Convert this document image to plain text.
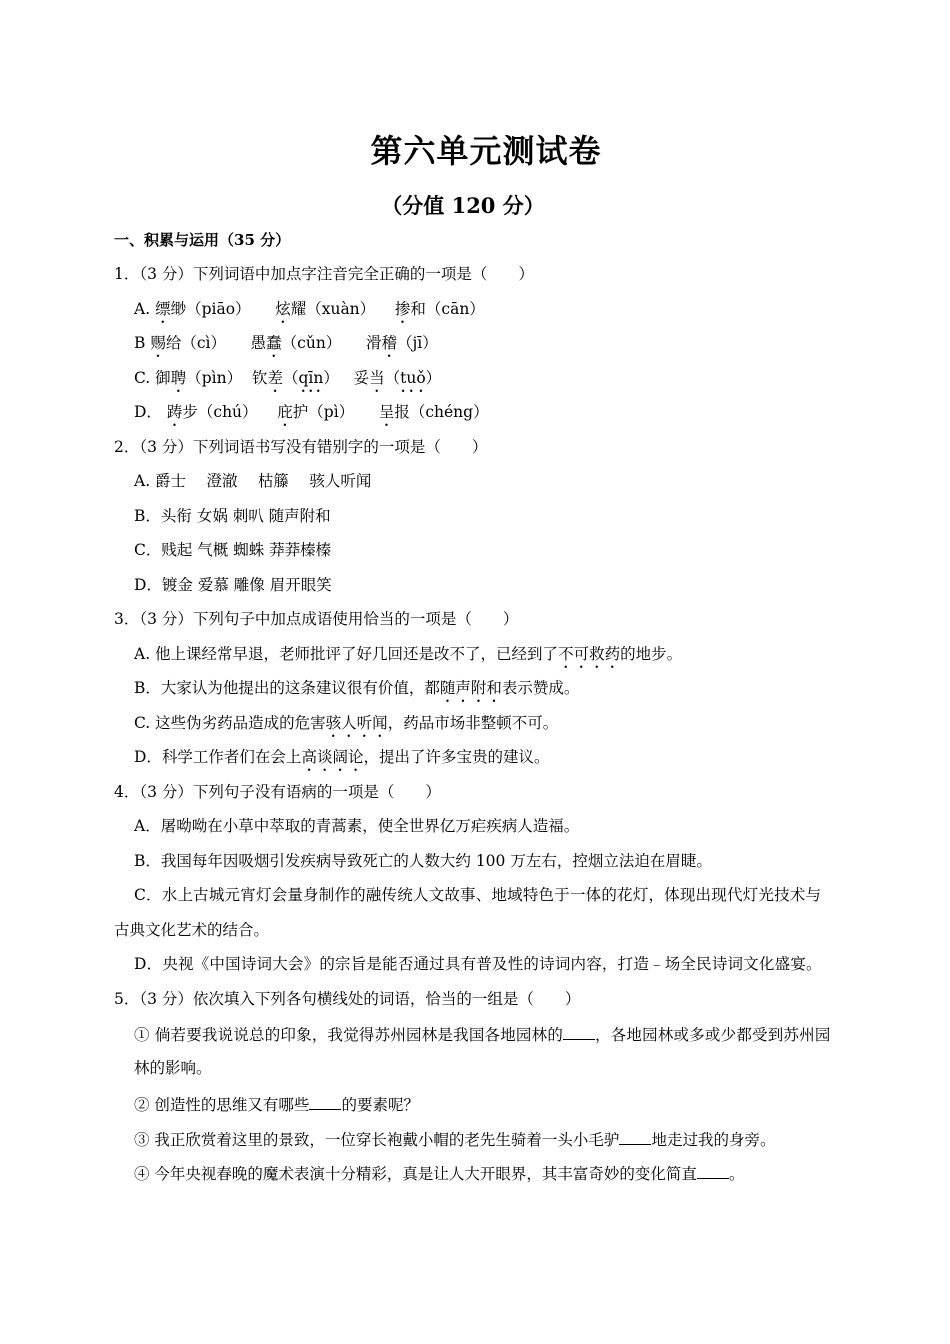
第六单元测试卷
（分值 120 分）
一、积累与运用（35 分）
1．（3 分）下列词语中加点字注音完全正确的一项是（　　）
A. 缥缈（piāo） 炫耀（xuàn） 掺和（cān）
B 赐给（cì） 愚蠢（cǔn） 滑稽（jī）
C. 御聘（pìn） 钦差（qīn） 妥当（tuǒ）
D． 踌步（chú） 庇护（pì） 呈报（chéng）
2．（3 分）下列词语书写没有错别字的一项是（　　）
A. 爵士　 澄澈　 枯籐　 骇人听闻
B．头衔 女娲 刺叭 随声附和
C．贱起 气概 蜘蛛 莽莽榛榛
D．镀金 爱慕 雕像 眉开眼笑
3．（3 分）下列句子中加点成语使用恰当的一项是（　　）
A. 他上课经常早退，老师批评了好几回还是改不了，已经到了不可救药的地步。
B．大家认为他提出的这条建议很有价值，都随声附和表示赞成。
C. 这些伪劣药品造成的危害骇人听闻，药品市场非整顿不可。
D．科学工作者们在会上高谈阔论，提出了许多宝贵的建议。
4．（3 分）下列句子没有语病的一项是（　　）
A．屠呦呦在小草中萃取的青蒿素，使全世界亿万疟疾病人造福。
B．我国每年因吸烟引发疾病导致死亡的人数大约 100 万左右，控烟立法迫在眉睫。
C．水上古城元宵灯会量身制作的融传统人文故事、地域特色于一体的花灯，体现出现代灯光技术与
古典文化艺术的结合。
D．央视《中国诗词大会》的宗旨是能否通过具有普及性的诗词内容，打造﹣场全民诗词文化盛宴。
5．（3 分）依次填入下列各句横线处的词语，恰当的一组是（　　）
① 倘若要我说说总的印象，我觉得苏州园林是我国各地园林的 ，各地园林或多或少都受到苏州园
林的影响。
② 创造性的思维又有哪些 的要素呢？
③ 我正欣赏着这里的景致，一位穿长袍戴小帽的老先生骑着一头小毛驴 地走过我的身旁。
④ 今年央视春晚的魔术表演十分精彩，真是让人大开眼界，其丰富奇妙的变化简直 。
